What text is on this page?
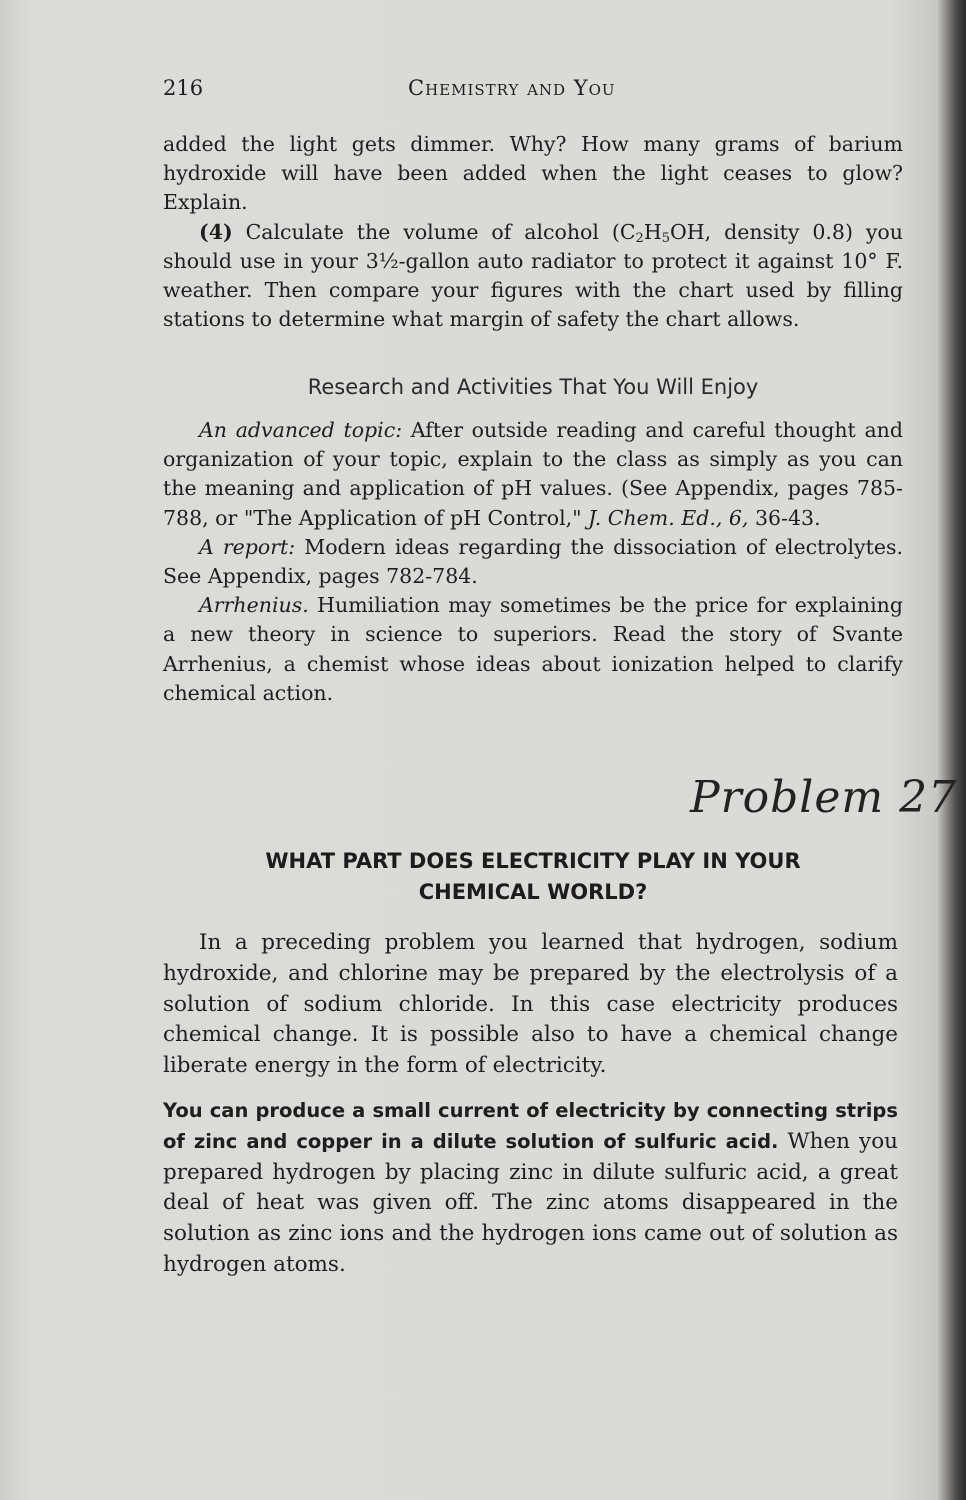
216	Chemistry and You

added the light gets dimmer. Why? How many grams of barium hydroxide will have been added when the light ceases to glow? Explain.

(4) Calculate the volume of alcohol ($C_2H_5OH$, density 0.8) you should use in your 3½-gallon auto radiator to protect it against 10° F. weather. Then compare your figures with the chart used by filling stations to determine what margin of safety the chart allows.

Research and Activities That You Will Enjoy

An advanced topic: After outside reading and careful thought and organization of your topic, explain to the class as simply as you can the meaning and application of pH values. (See Appendix, pages 785-788, or "The Application of pH Control," J. Chem. Ed., 6, 36-43.

A report: Modern ideas regarding the dissociation of electrolytes. See Appendix, pages 782-784.

Arrhenius. Humiliation may sometimes be the price for explaining a new theory in science to superiors. Read the story of Svante Arrhenius, a chemist whose ideas about ionization helped to clarify chemical action.

Problem 27
WHAT PART DOES ELECTRICITY PLAY IN YOUR
CHEMICAL WORLD?

In a preceding problem you learned that hydrogen, sodium hydroxide, and chlorine may be prepared by the electrolysis of a solution of sodium chloride. In this case electricity produces chemical change. It is possible also to have a chemical change liberate energy in the form of electricity.

You can produce a small current of electricity by connecting strips of zinc and copper in a dilute solution of sulfuric acid. When you prepared hydrogen by placing zinc in dilute sulfuric acid, a great deal of heat was given off. The zinc atoms disappeared in the solution as zinc ions and the hydrogen ions came out of solution as hydrogen atoms.
